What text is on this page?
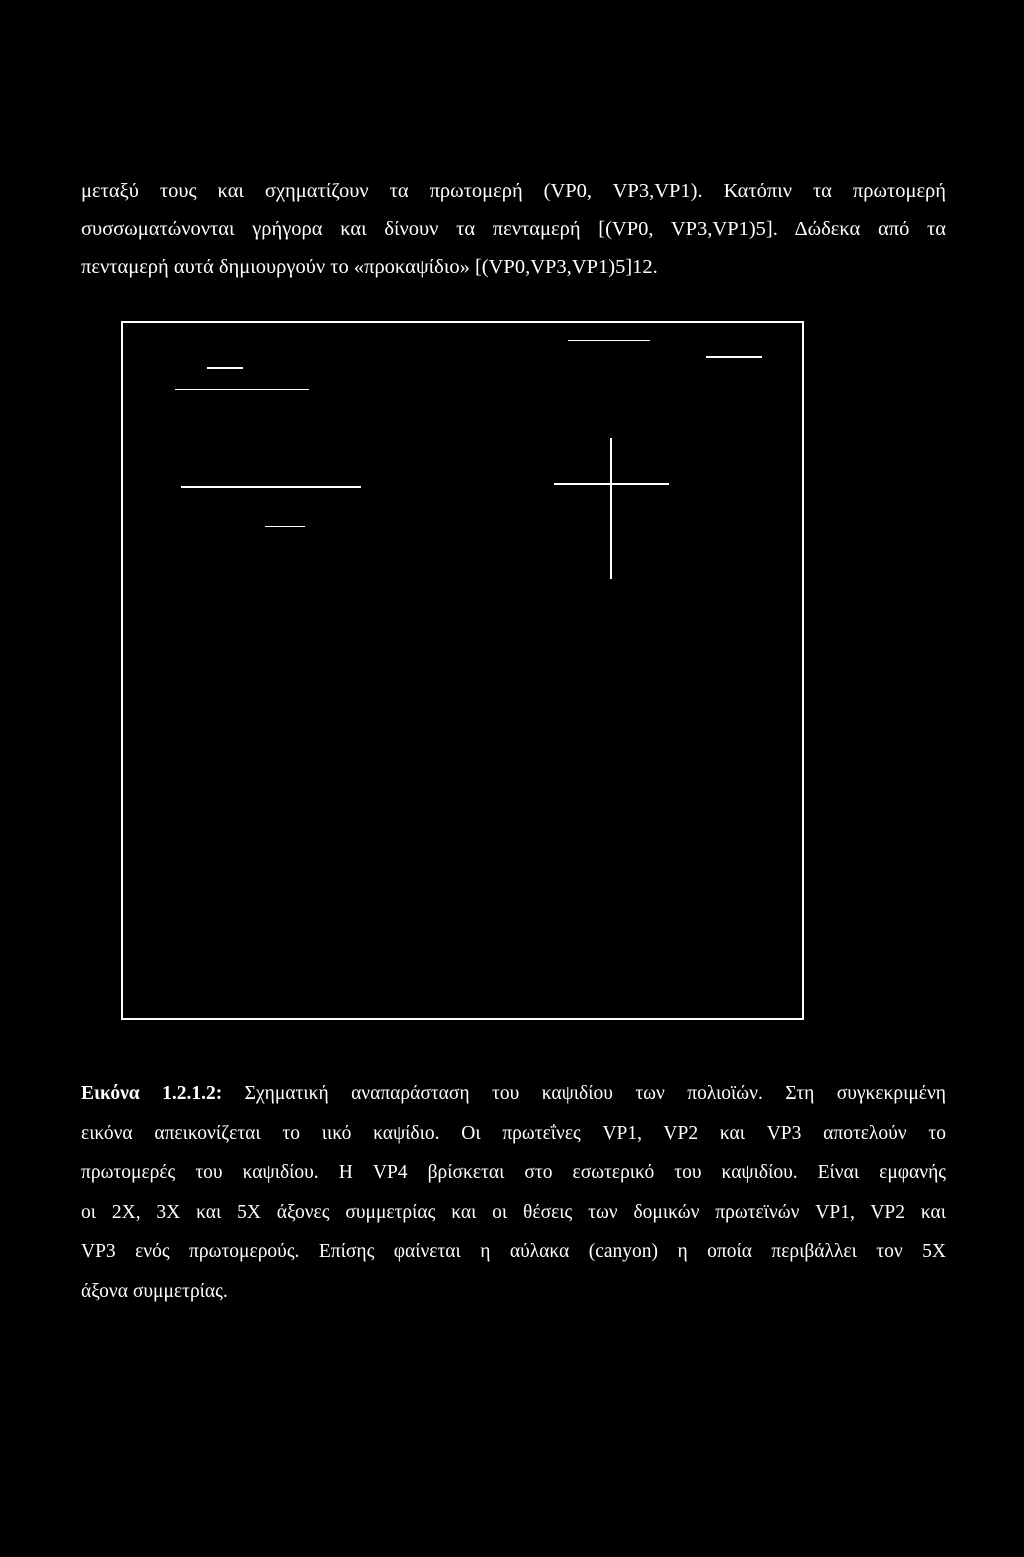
μεταξύ τους και σχηματίζουν τα πρωτομερή (VP0, VP3,VP1). Κατόπιν τα πρωτομερή
συσσωματώνονται γρήγορα και δίνουν τα πενταμερή [(VP0, VP3,VP1)5]. Δώδεκα από τα
πενταμερή αυτά δημιουργούν το «προκαψίδιο» [(VP0,VP3,VP1)5]12.
Εικόνα 1.2.1.2: Σχηματική αναπαράσταση του καψιδίου των πολιοϊών. Στη συγκεκριμένη
εικόνα απεικονίζεται το ιικό καψίδιο. Οι πρωτεΐνες VP1, VP2 και VP3 αποτελούν το
πρωτομερές του καψιδίου. Η VP4 βρίσκεται στο εσωτερικό του καψιδίου. Είναι εμφανής
οι 2Χ, 3Χ και 5Χ άξονες συμμετρίας και οι θέσεις των δομικών πρωτεϊνών VP1, VP2 και
VP3 ενός πρωτομερούς. Επίσης φαίνεται η αύλακα (canyon) η οποία περιβάλλει τον 5Χ
άξονα συμμετρίας.
